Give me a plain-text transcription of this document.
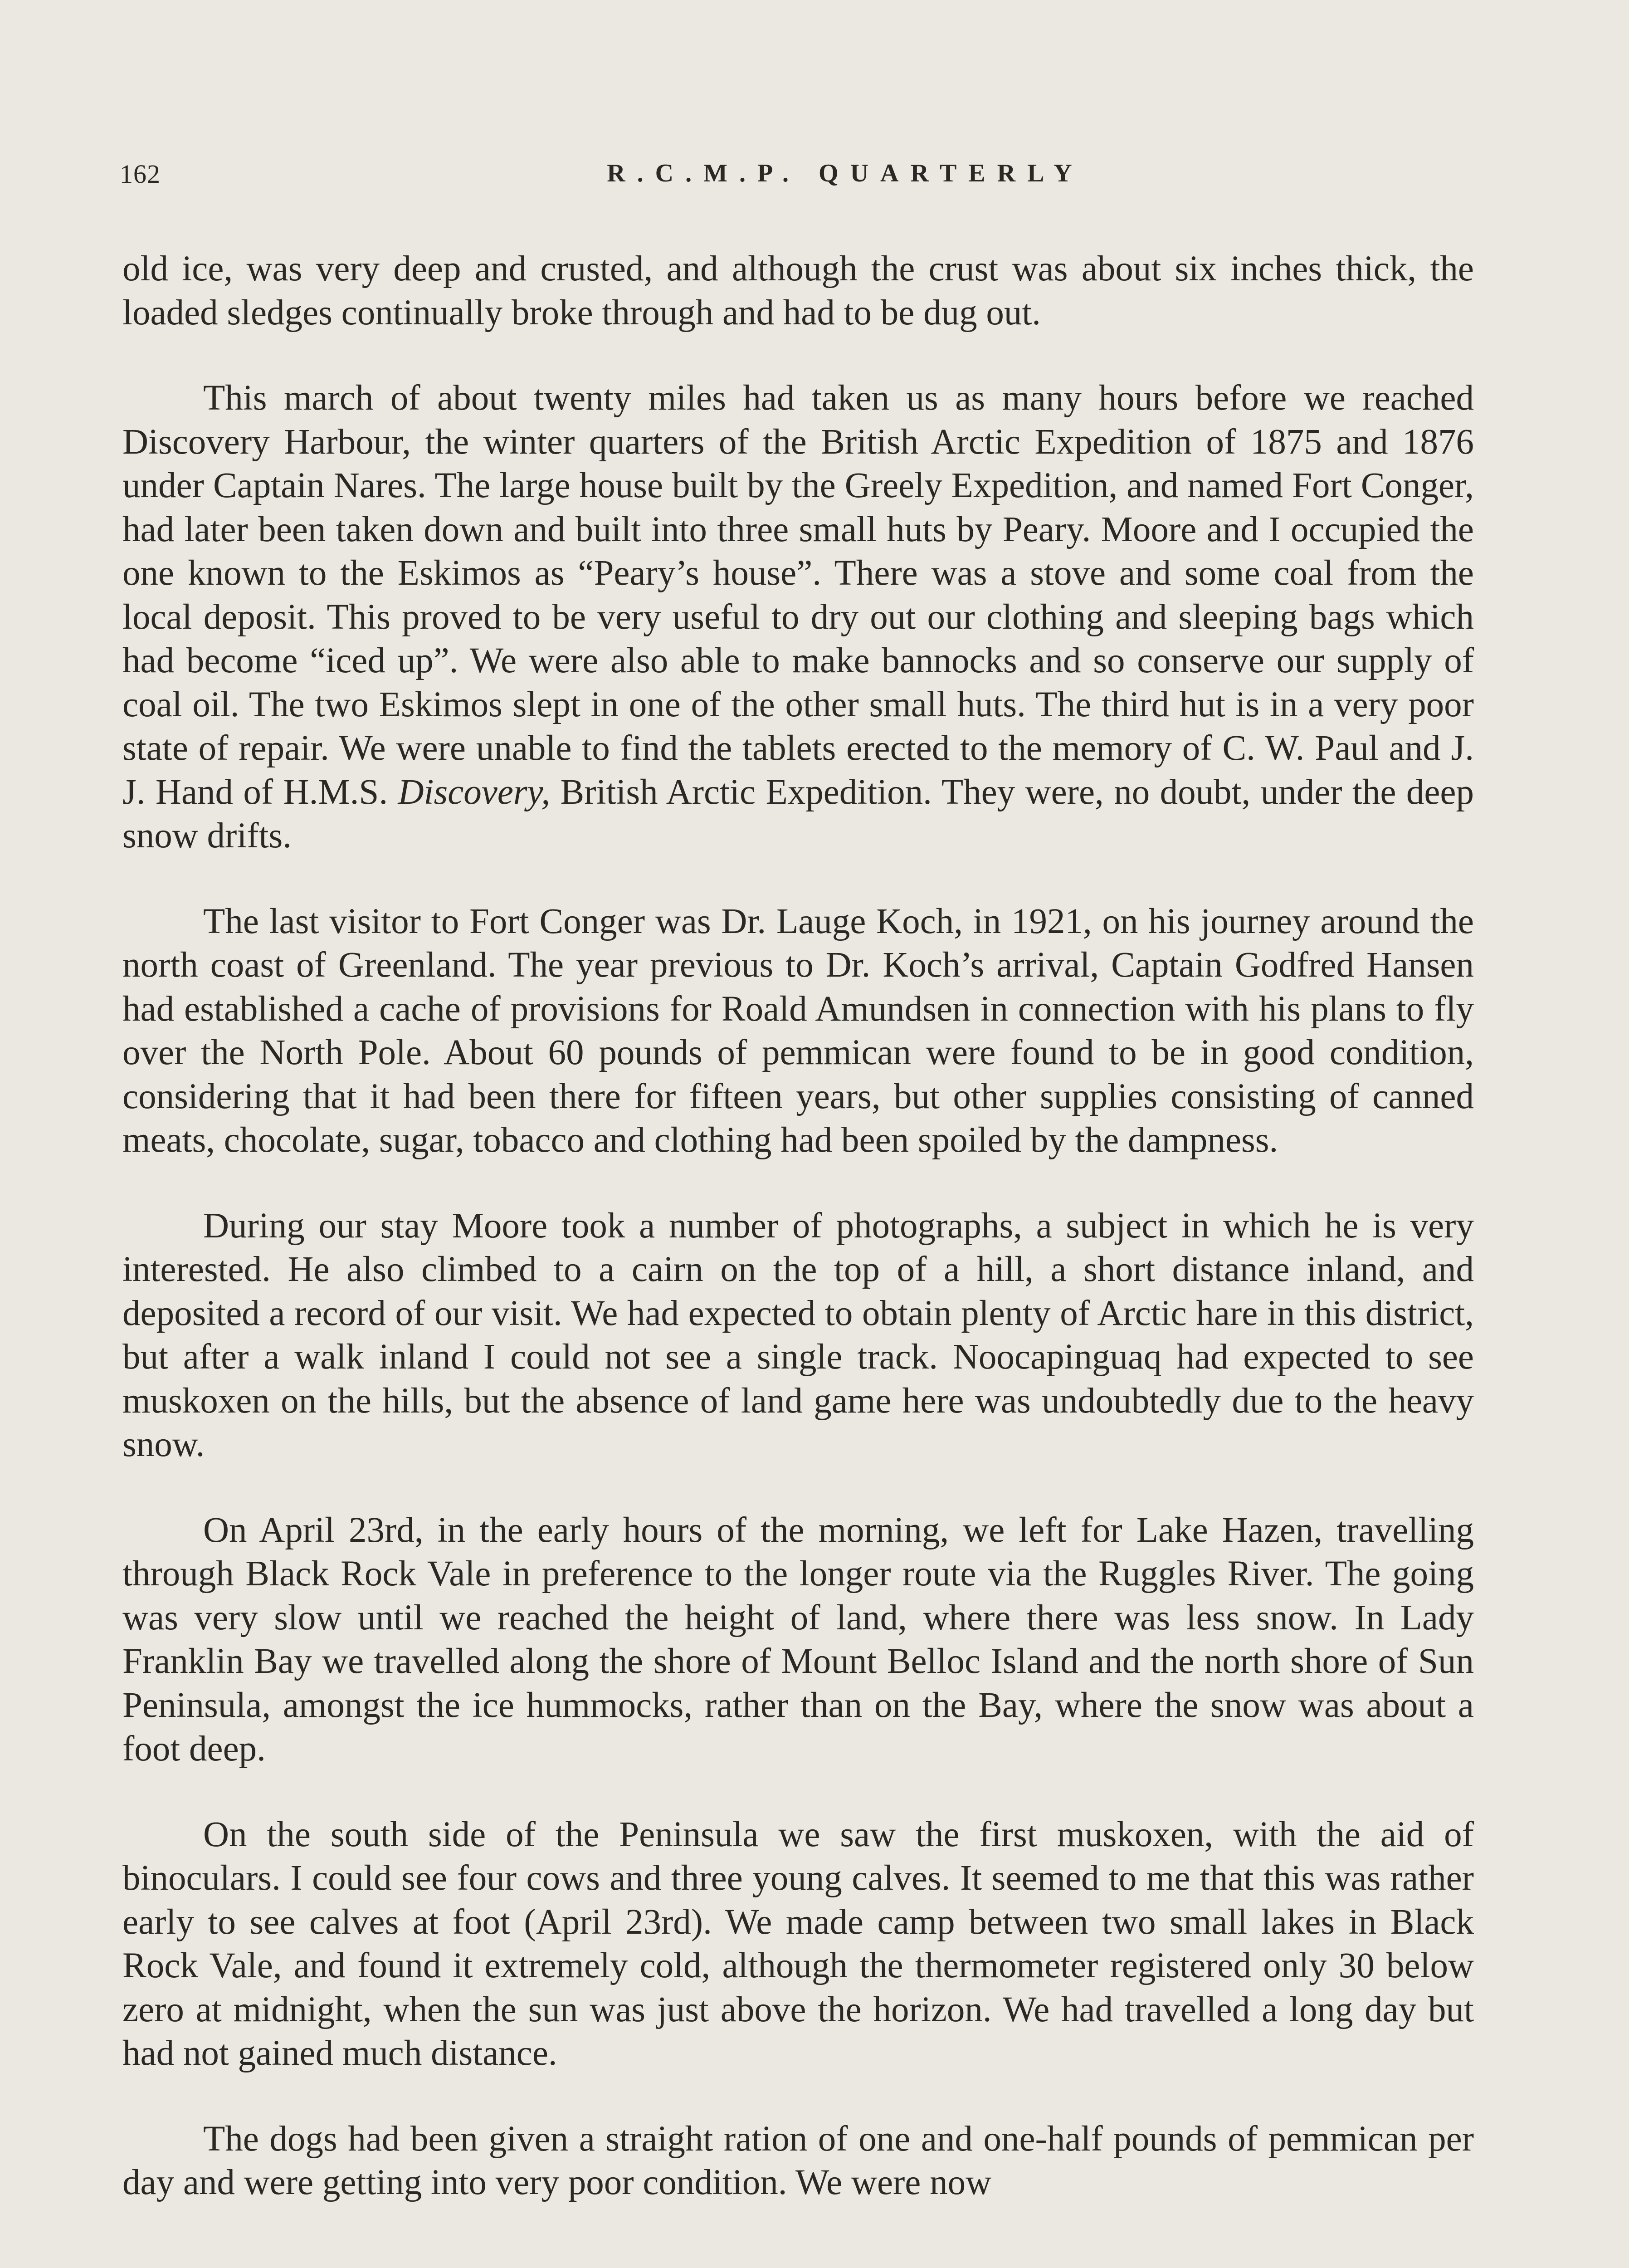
162	R.C.M.P. QUARTERLY

old ice, was very deep and crusted, and although the crust was about six inches thick, the loaded sledges continually broke through and had to be dug out.

This march of about twenty miles had taken us as many hours before we reached Discovery Harbour, the winter quarters of the British Arctic Expedition of 1875 and 1876 under Captain Nares. The large house built by the Greely Expedition, and named Fort Conger, had later been taken down and built into three small huts by Peary. Moore and I occupied the one known to the Eskimos as “Peary’s house”. There was a stove and some coal from the local deposit. This proved to be very useful to dry out our clothing and sleeping bags which had become “iced up”. We were also able to make bannocks and so conserve our supply of coal oil. The two Eskimos slept in one of the other small huts. The third hut is in a very poor state of repair. We were unable to find the tablets erected to the memory of C. W. Paul and J. J. Hand of H.M.S. Discovery, British Arctic Expedition. They were, no doubt, under the deep snow drifts.

The last visitor to Fort Conger was Dr. Lauge Koch, in 1921, on his journey around the north coast of Greenland. The year previous to Dr. Koch’s arrival, Captain Godfred Hansen had established a cache of provisions for Roald Amundsen in connection with his plans to fly over the North Pole. About 60 pounds of pemmican were found to be in good condition, considering that it had been there for fifteen years, but other supplies consisting of canned meats, chocolate, sugar, tobacco and clothing had been spoiled by the dampness.

During our stay Moore took a number of photographs, a subject in which he is very interested. He also climbed to a cairn on the top of a hill, a short distance inland, and deposited a record of our visit. We had expected to obtain plenty of Arctic hare in this district, but after a walk inland I could not see a single track. Noocapinguaq had expected to see muskoxen on the hills, but the absence of land game here was undoubtedly due to the heavy snow.

On April 23rd, in the early hours of the morning, we left for Lake Hazen, travelling through Black Rock Vale in preference to the longer route via the Ruggles River. The going was very slow until we reached the height of land, where there was less snow. In Lady Franklin Bay we travelled along the shore of Mount Belloc Island and the north shore of Sun Peninsula, amongst the ice hummocks, rather than on the Bay, where the snow was about a foot deep.

On the south side of the Peninsula we saw the first muskoxen, with the aid of binoculars. I could see four cows and three young calves. It seemed to me that this was rather early to see calves at foot (April 23rd). We made camp between two small lakes in Black Rock Vale, and found it extremely cold, although the thermometer registered only 30 below zero at midnight, when the sun was just above the horizon. We had travelled a long day but had not gained much distance.

The dogs had been given a straight ration of one and one-half pounds of pemmican per day and were getting into very poor condition. We were now
